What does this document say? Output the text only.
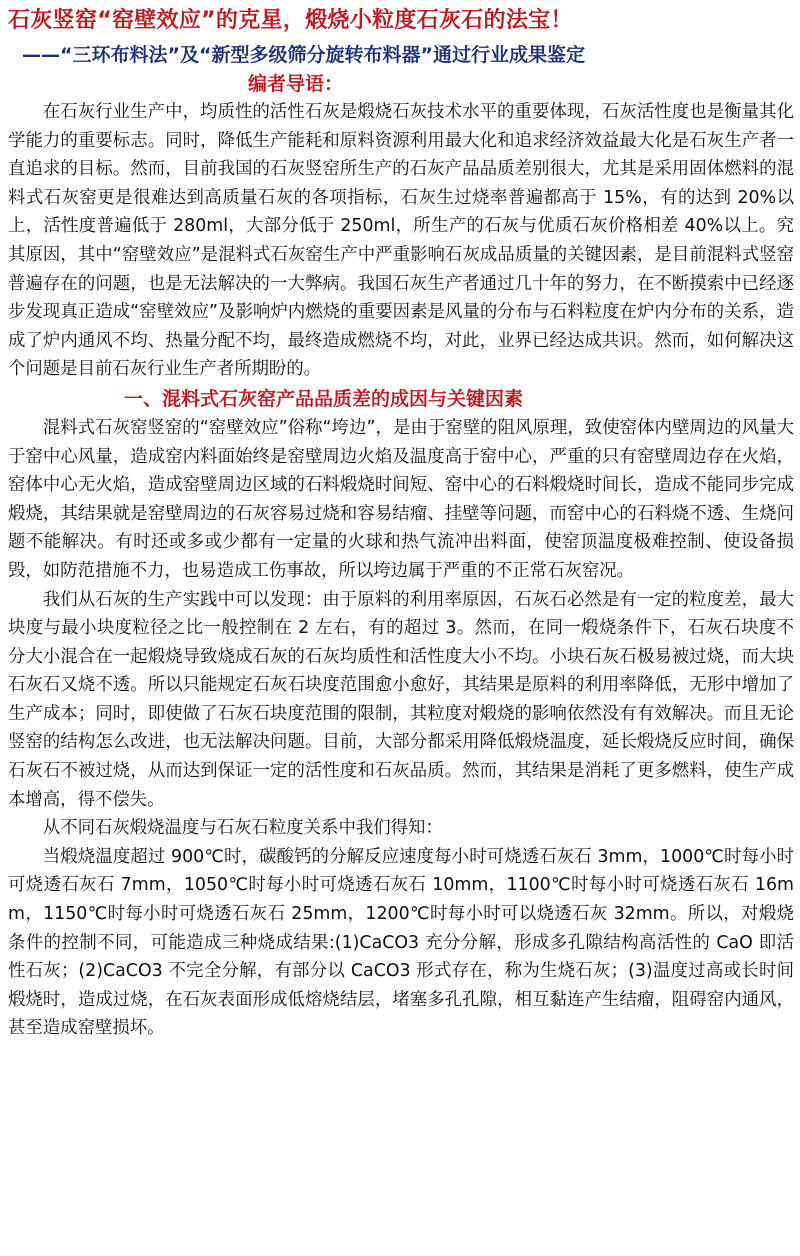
石灰竖窑“窑壁效应”的克星，煅烧小粒度石灰石的法宝！
——“三环布料法”及“新型多级筛分旋转布料器”通过行业成果鉴定
编者导语：

在石灰行业生产中，均质性的活性石灰是煅烧石灰技术水平的重要体现，石灰活性度也是衡量其化学能力的重要标志。同时，降低生产能耗和原料资源利用最大化和追求经济效益最大化是石灰生产者一直追求的目标。然而，目前我国的石灰竖窑所生产的石灰产品品质差别很大，尤其是采用固体燃料的混料式石灰窑更是很难达到高质量石灰的各项指标，石灰生过烧率普遍都高于 15%，有的达到 20%以上，活性度普遍低于 280ml，大部分低于 250ml，所生产的石灰与优质石灰价格相差 40%以上。究其原因，其中“窑壁效应”是混料式石灰窑生产中严重影响石灰成品质量的关键因素，是目前混料式竖窑普遍存在的问题，也是无法解决的一大弊病。我国石灰生产者通过几十年的努力，在不断摸索中已经逐步发现真正造成“窑壁效应”及影响炉内燃烧的重要因素是风量的分布与石料粒度在炉内分布的关系，造成了炉内通风不均、热量分配不均，最终造成燃烧不均，对此，业界已经达成共识。然而，如何解决这个问题是目前石灰行业生产者所期盼的。

一、混料式石灰窑产品品质差的成因与关键因素

混料式石灰窑竖窑的“窑壁效应”俗称“垮边”，是由于窑壁的阻风原理，致使窑体内壁周边的风量大于窑中心风量，造成窑内料面始终是窑壁周边火焰及温度高于窑中心，严重的只有窑壁周边存在火焰，窑体中心无火焰，造成窑壁周边区域的石料煅烧时间短、窑中心的石料煅烧时间长，造成不能同步完成煅烧，其结果就是窑壁周边的石灰容易过烧和容易结瘤、挂壁等问题，而窑中心的石料烧不透、生烧问题不能解决。有时还或多或少都有一定量的火球和热气流冲出料面，使窑顶温度极难控制、使设备损毁，如防范措施不力，也易造成工伤事故，所以垮边属于严重的不正常石灰窑况。

我们从石灰的生产实践中可以发现：由于原料的利用率原因，石灰石必然是有一定的粒度差，最大块度与最小块度粒径之比一般控制在 2 左右，有的超过 3。然而，在同一煅烧条件下，石灰石块度不分大小混合在一起煅烧导致烧成石灰的石灰均质性和活性度大小不均。小块石灰石极易被过烧，而大块石灰石又烧不透。所以只能规定石灰石块度范围愈小愈好，其结果是原料的利用率降低，无形中增加了生产成本；同时，即使做了石灰石块度范围的限制，其粒度对煅烧的影响依然没有有效解决。而且无论竖窑的结构怎么改进，也无法解决问题。目前，大部分都采用降低煅烧温度，延长煅烧反应时间，确保石灰石不被过烧，从而达到保证一定的活性度和石灰品质。然而，其结果是消耗了更多燃料，使生产成本增高，得不偿失。

从不同石灰煅烧温度与石灰石粒度关系中我们得知：

当煅烧温度超过 900℃时，碳酸钙的分解反应速度每小时可烧透石灰石 3mm，1000℃时每小时可烧透石灰石 7mm，1050℃时每小时可烧透石灰石 10mm，1100℃时每小时可烧透石灰石 16mm，1150℃时每小时可烧透石灰石 25mm，1200℃时每小时可以烧透石灰 32mm。所以，对煅烧条件的控制不同，可能造成三种烧成结果:(1)CaCO3 充分分解，形成多孔隙结构高活性的 CaO 即活性石灰；(2)CaCO3 不完全分解，有部分以 CaCO3 形式存在，称为生烧石灰；(3)温度过高或长时间煅烧时，造成过烧，在石灰表面形成低熔烧结层，堵塞多孔孔隙，相互黏连产生结瘤，阻碍窑内通风，甚至造成窑壁损坏。
